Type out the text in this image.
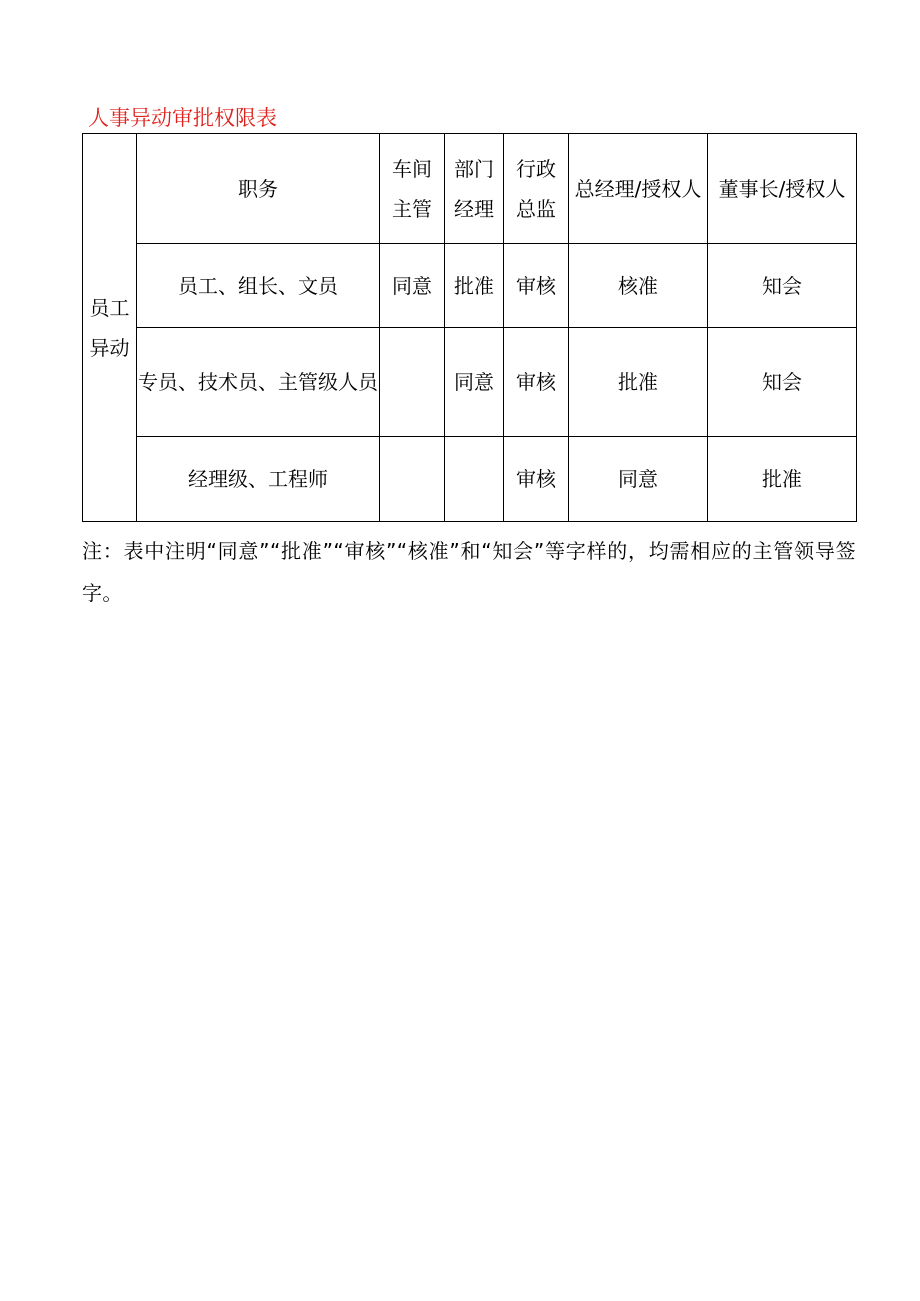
人事异动审批权限表
员工异动	职务	车间主管	部门经理	行政总监	总经理/授权人	董事长/授权人

	员工、组长、文员	同意	批准	审核	核准	知会

	专员、技术员、主管级人员		同意	审核	批准	知会

	经理级、工程师			审核	同意	批准
注：表中注明“同意”“批准”“审核”“核准”和“知会”等字样的，均需相应的主管领导签字。
